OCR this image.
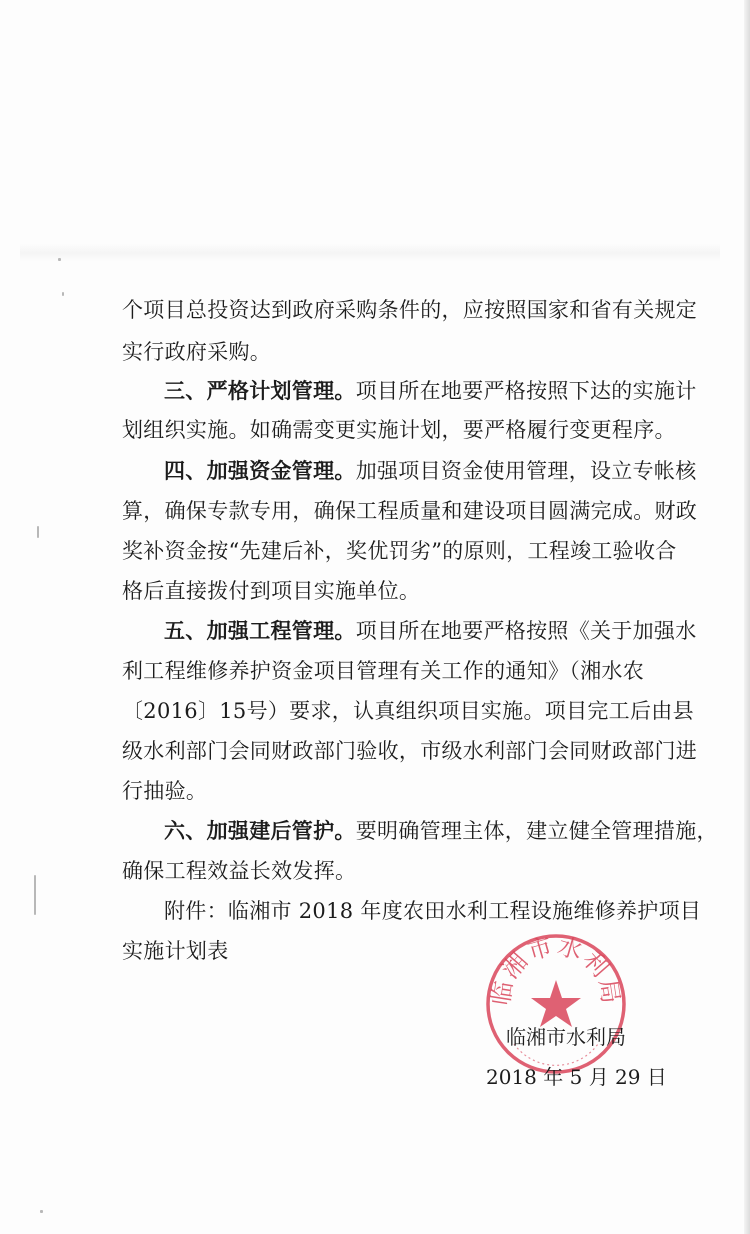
个项目总投资达到政府采购条件的，应按照国家和省有关规定
实行政府采购。
三、严格计划管理。项目所在地要严格按照下达的实施计
划组织实施。如确需变更实施计划，要严格履行变更程序。
四、加强资金管理。加强项目资金使用管理，设立专帐核
算，确保专款专用，确保工程质量和建设项目圆满完成。财政
奖补资金按“先建后补，奖优罚劣”的原则，工程竣工验收合
格后直接拨付到项目实施单位。
五、加强工程管理。项目所在地要严格按照《关于加强水
利工程维修养护资金项目管理有关工作的通知》（湘水农
〔2016〕15号）要求，认真组织项目实施。项目完工后由县
级水利部门会同财政部门验收，市级水利部门会同财政部门进
行抽验。
六、加强建后管护。要明确管理主体，建立健全管理措施，
确保工程效益长效发挥。
附件：临湘市 2018 年度农田水利工程设施维修养护项目
实施计划表
临湘市水利局
临湘市水利局
2018 年 5 月 29 日
